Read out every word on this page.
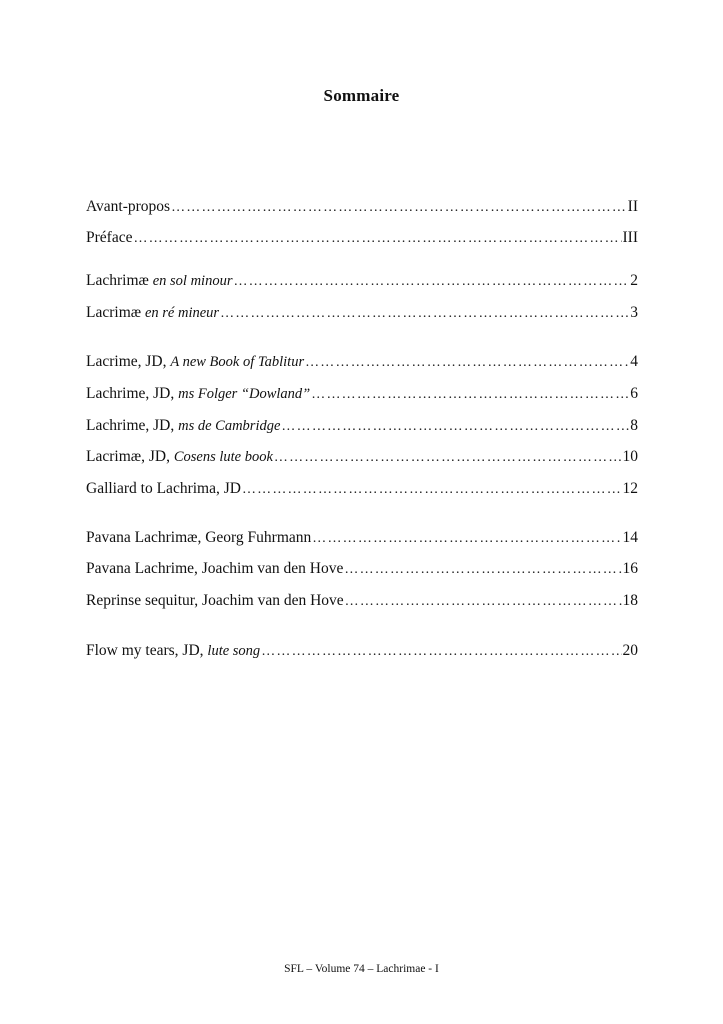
Sommaire
Avant-propos ………………………………………………………………………………………………………………………………………………………………………………	II
Préface ………………………………………………………………………………………………………………………………………………………………………………	III
Lachrimæ en sol minour ………………………………………………………………………………………………………………………………………………………………………………	2
Lacrimæ en ré mineur ………………………………………………………………………………………………………………………………………………………………………………	3
Lacrime, JD, A new Book of Tablitur ………………………………………………………………………………………………………………………………………………………………………………	4
Lachrime, JD, ms Folger “Dowland” ………………………………………………………………………………………………………………………………………………………………………………	6
Lachrime, JD, ms de Cambridge ………………………………………………………………………………………………………………………………………………………………………………	8
Lacrimæ, JD, Cosens lute book ………………………………………………………………………………………………………………………………………………………………………………	10
Galliard to Lachrima, JD ………………………………………………………………………………………………………………………………………………………………………………	12
Pavana Lachrimæ, Georg Fuhrmann ………………………………………………………………………………………………………………………………………………………………………………	14
Pavana Lachrime, Joachim van den Hove ………………………………………………………………………………………………………………………………………………………………………………	16
Reprinse sequitur, Joachim van den Hove ………………………………………………………………………………………………………………………………………………………………………………	18
Flow my tears, JD, lute song ………………………………………………………………………………………………………………………………………………………………………………	20
SFL – Volume 74 – Lachrimae - I
